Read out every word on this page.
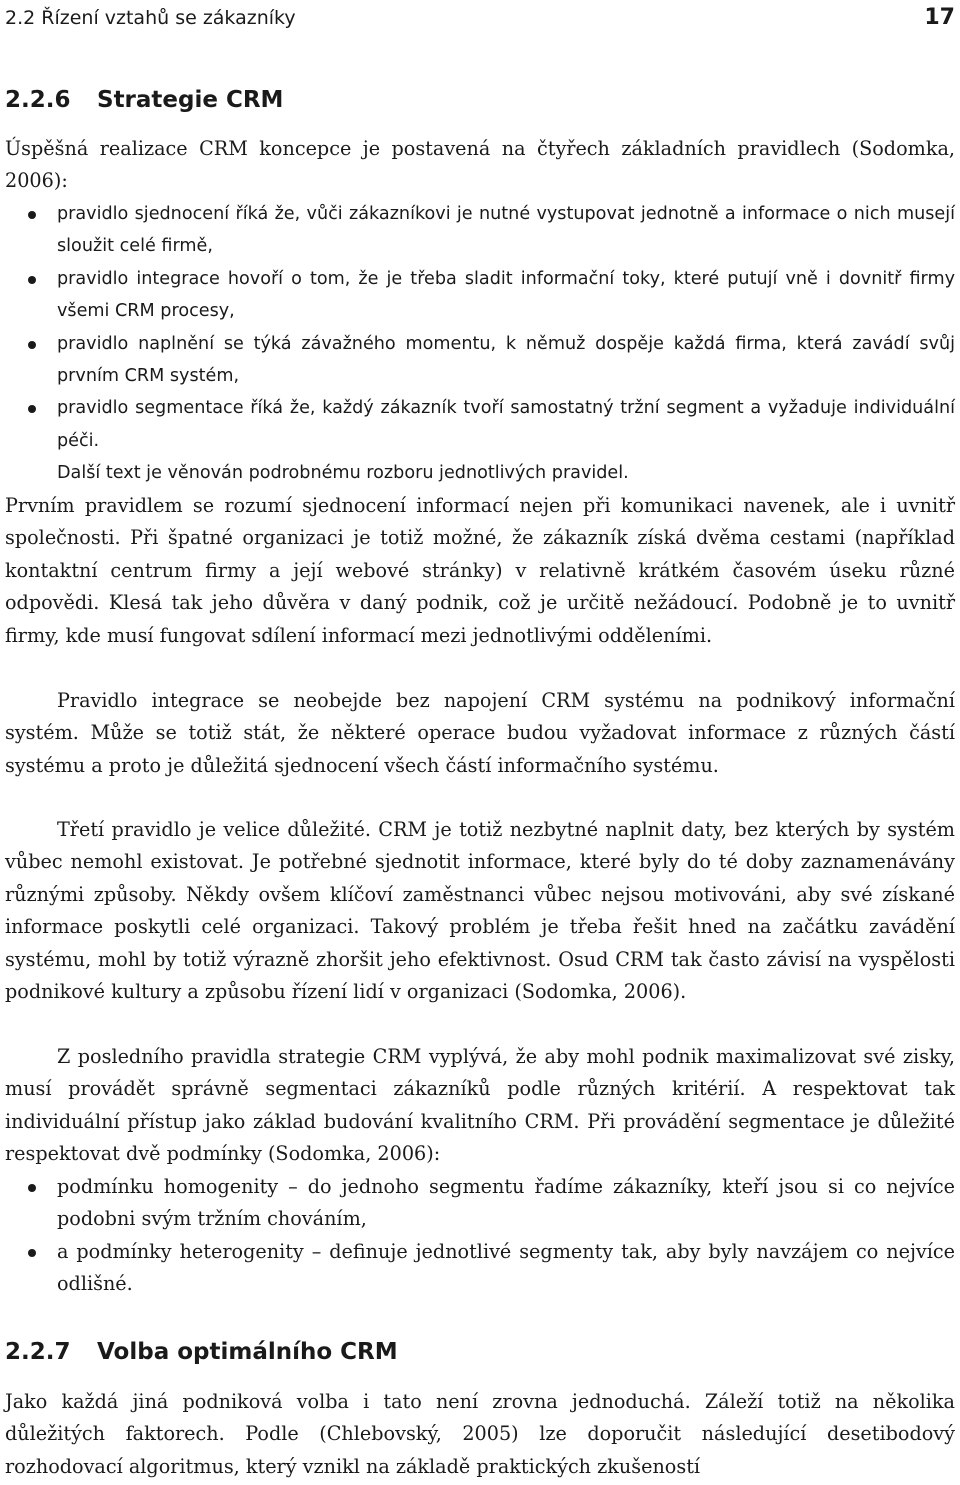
2.2 Řízení vztahů se zákazníky	17
2.2.6 Strategie CRM

Úspěšná realizace CRM koncepce je postavená na čtyřech základních pravidlech (Sodomka, 2006):

pravidlo sjednocení říká že, vůči zákazníkovi je nutné vystupovat jednotně a informace o nich musejí sloužit celé firmě,
pravidlo integrace hovoří o tom, že je třeba sladit informační toky, které putují vně i dovnitř firmy všemi CRM procesy,
pravidlo naplnění se týká závažného momentu, k němuž dospěje každá firma, která zavádí svůj prvním CRM systém,
pravidlo segmentace říká že, každý zákazník tvoří samostatný tržní segment a vyžaduje individuální péči.

Další text je věnován podrobnému rozboru jednotlivých pravidel.

Prvním pravidlem se rozumí sjednocení informací nejen při komunikaci navenek, ale i uvnitř společnosti. Při špatné organizaci je totiž možné, že zákazník získá dvěma cestami (například kontaktní centrum firmy a její webové stránky) v relativně krátkém časovém úseku různé odpovědi. Klesá tak jeho důvěra v daný podnik, což je určitě nežádoucí. Podobně je to uvnitř firmy, kde musí fungovat sdílení informací mezi jednotlivými odděleními.

Pravidlo integrace se neobejde bez napojení CRM systému na podnikový informační systém. Může se totiž stát, že některé operace budou vyžadovat informace z různých částí systému a proto je důležitá sjednocení všech částí informačního systému.

Třetí pravidlo je velice důležité. CRM je totiž nezbytné naplnit daty, bez kterých by systém vůbec nemohl existovat. Je potřebné sjednotit informace, které byly do té doby zaznamenávány různými způsoby. Někdy ovšem klíčoví zaměstnanci vůbec nejsou motivováni, aby své získané informace poskytli celé organizaci. Takový problém je třeba řešit hned na začátku zavádění systému, mohl by totiž výrazně zhoršit jeho efektivnost. Osud CRM tak často závisí na vyspělosti podnikové kultury a způsobu řízení lidí v organizaci (Sodomka, 2006).

Z posledního pravidla strategie CRM vyplývá, že aby mohl podnik maximalizovat své zisky, musí provádět správně segmentaci zákazníků podle různých kritérií. A respektovat tak individuální přístup jako základ budování kvalitního CRM. Při provádění segmentace je důležité respektovat dvě podmínky (Sodomka, 2006):

podmínku homogenity – do jednoho segmentu řadíme zákazníky, kteří jsou si co nejvíce podobni svým tržním chováním,
a podmínky heterogenity – definuje jednotlivé segmenty tak, aby byly navzájem co nejvíce odlišné.
2.2.7 Volba optimálního CRM

Jako každá jiná podniková volba i tato není zrovna jednoduchá. Záleží totiž na několika důležitých faktorech. Podle (Chlebovský, 2005) lze doporučit následující desetibodový rozhodovací algoritmus, který vznikl na základě praktických zkušeností
